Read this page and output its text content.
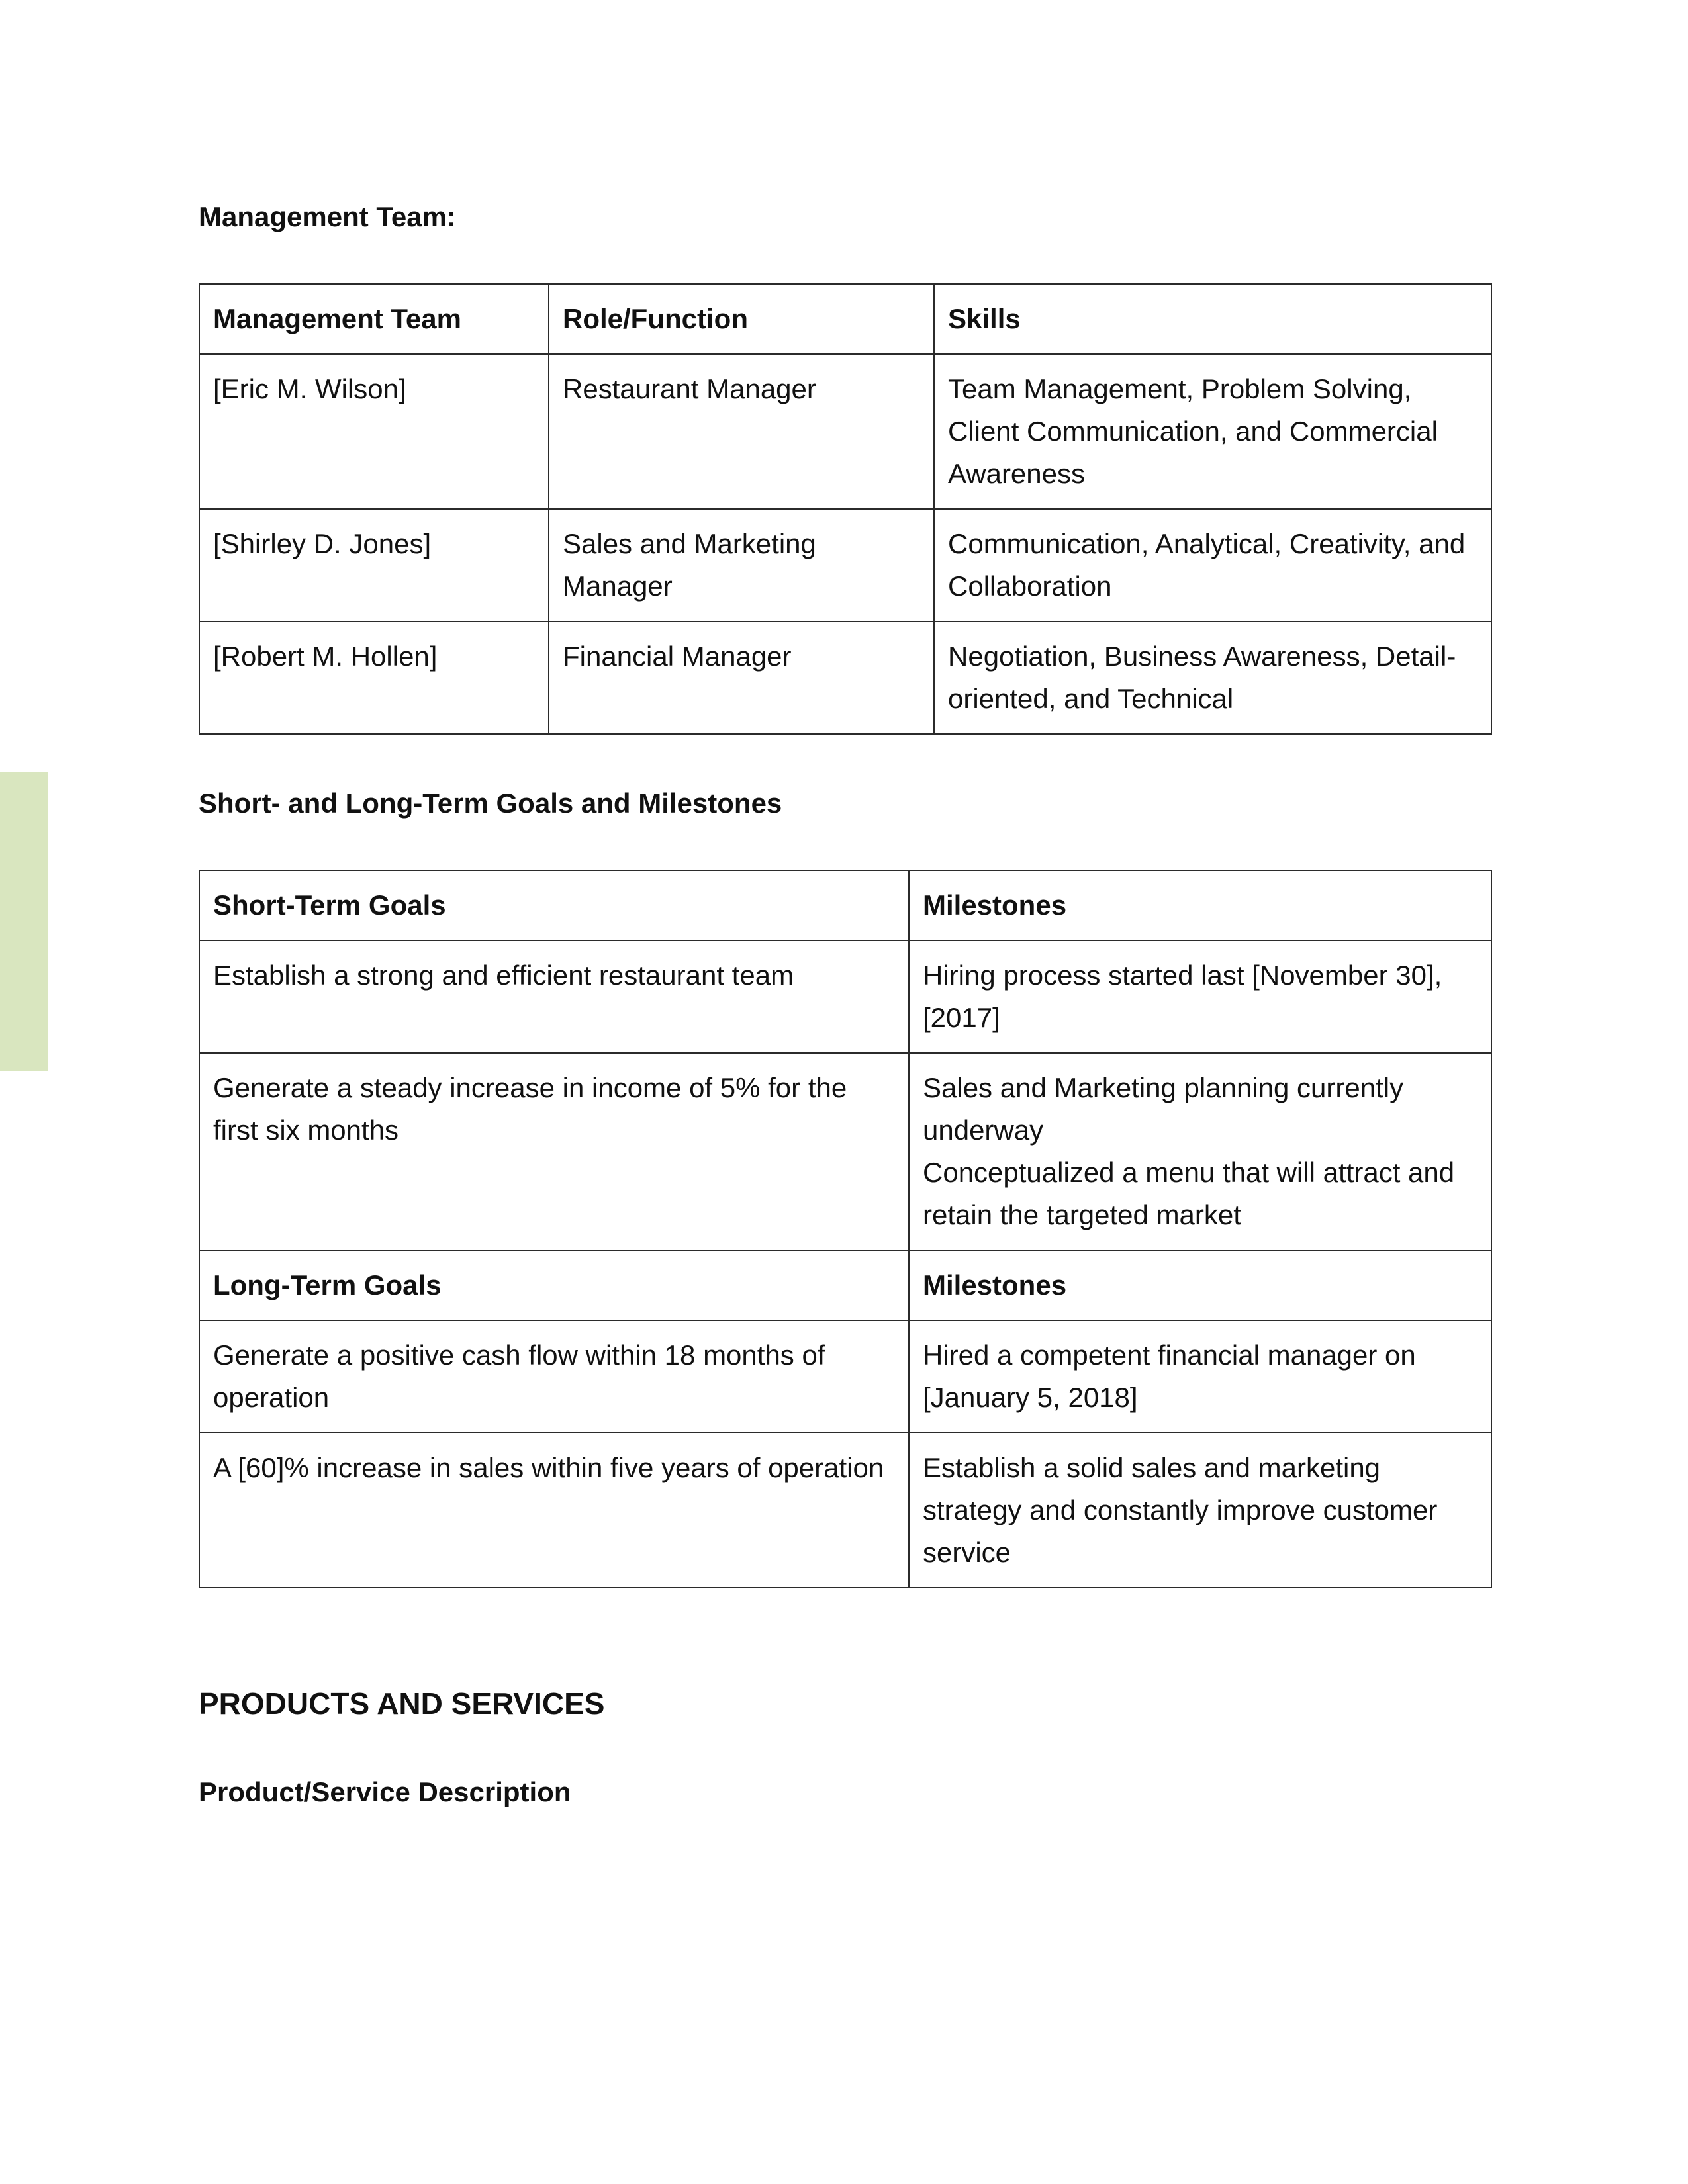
Management Team:
Management Team	Role/Function	Skills
[Eric M. Wilson]	Restaurant Manager	Team Management, Problem Solving, Client Communication, and Commercial Awareness
[Shirley D. Jones]	Sales and Marketing Manager	Communication, Analytical, Creativity, and Collaboration
[Robert M. Hollen]	Financial Manager	Negotiation, Business Awareness, Detail-oriented, and Technical
Short- and Long-Term Goals and Milestones
Short-Term Goals	Milestones
Establish a strong and efficient restaurant team	Hiring process started last [November 30], [2017]
Generate a steady increase in income of 5% for the first six months	Sales and Marketing planning currently underway
Conceptualized a menu that will attract and retain the targeted market

Long-Term Goals	Milestones
Generate a positive cash flow within 18 months of operation	Hired a competent financial manager on [January 5, 2018]
A [60]% increase in sales within five years of operation	Establish a solid sales and marketing strategy and constantly improve customer service
PRODUCTS AND SERVICES
Product/Service Description
